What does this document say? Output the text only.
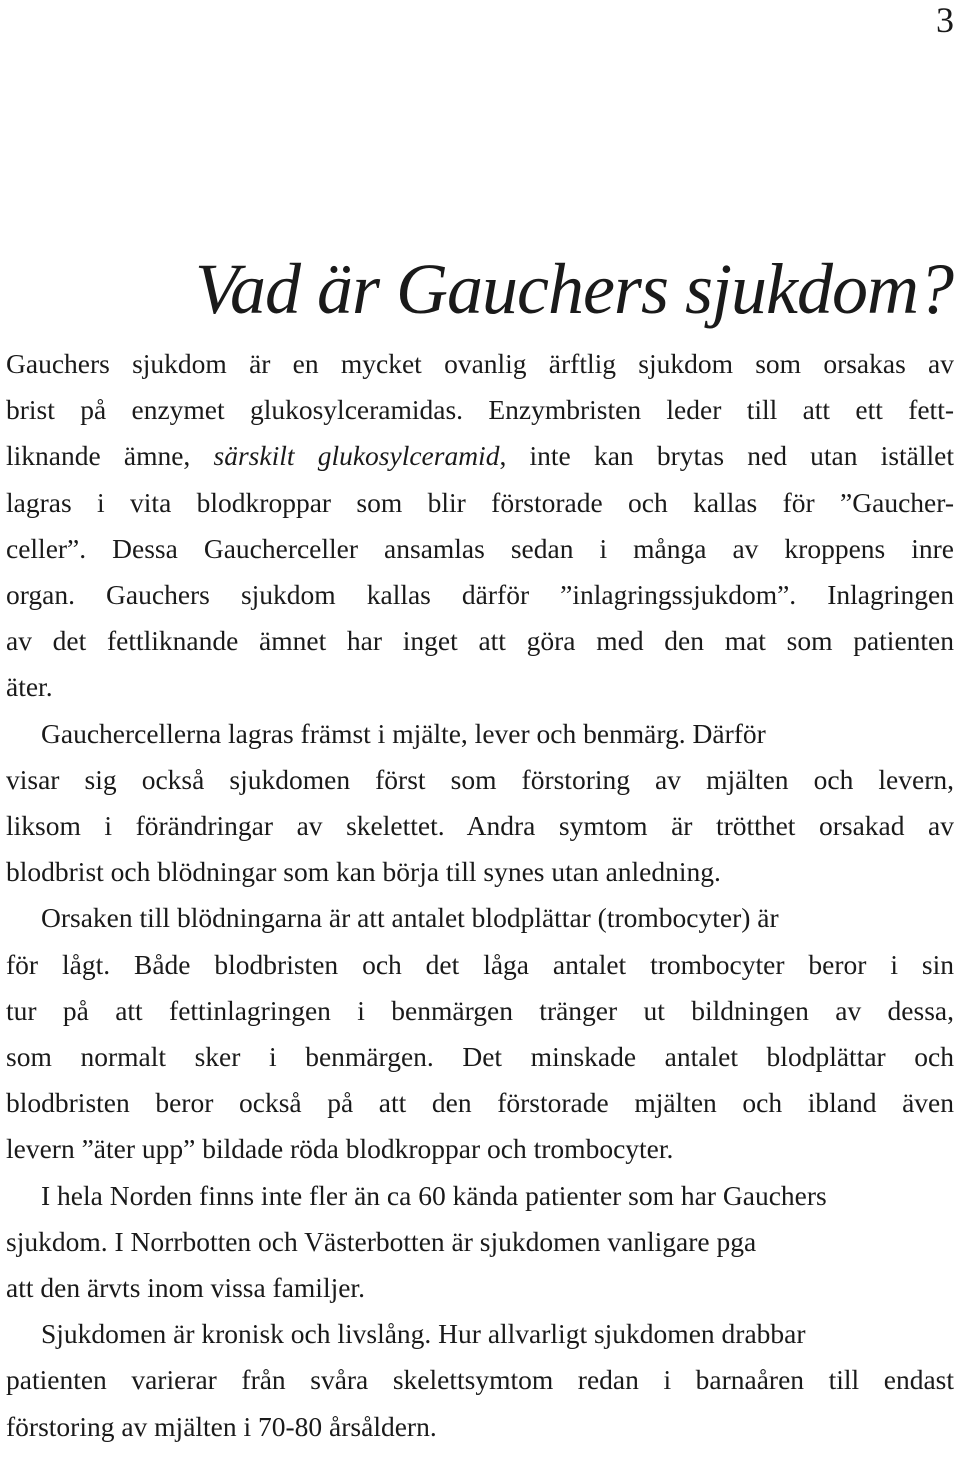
3
Vad är Gauchers sjukdom?
Gauchers sjukdom är en mycket ovanlig ärftlig sjukdom som orsakas av
brist på enzymet glukosylceramidas. Enzymbristen leder till att ett fett-
liknande ämne, särskilt glukosylceramid, inte kan brytas ned utan istället
lagras i vita blodkroppar som blir förstorade och kallas för ”Gaucher-
celler”. Dessa Gaucherceller ansamlas sedan i många av kroppens inre
organ. Gauchers sjukdom kallas därför ”inlagringssjukdom”. Inlagringen
av det fettliknande ämnet har inget att göra med den mat som patienten
äter.
Gauchercellerna lagras främst i mjälte, lever och benmärg. Därför
visar sig också sjukdomen först som förstoring av mjälten och levern,
liksom i förändringar av skelettet. Andra symtom är trötthet orsakad av
blodbrist och blödningar som kan börja till synes utan anledning.
Orsaken till blödningarna är att antalet blodplättar (trombocyter) är
för lågt. Både blodbristen och det låga antalet trombocyter beror i sin
tur på att fettinlagringen i benmärgen tränger ut bildningen av dessa,
som normalt sker i benmärgen. Det minskade antalet blodplättar och
blodbristen beror också på att den förstorade mjälten och ibland även
levern ”äter upp” bildade röda blodkroppar och trombocyter.
I hela Norden finns inte fler än ca 60 kända patienter som har Gauchers
sjukdom. I Norrbotten och Västerbotten är sjukdomen vanligare pga
att den ärvts inom vissa familjer.
Sjukdomen är kronisk och livslång. Hur allvarligt sjukdomen drabbar
patienten varierar från svåra skelettsymtom redan i barnaåren till endast
förstoring av mjälten i 70-80 årsåldern.
